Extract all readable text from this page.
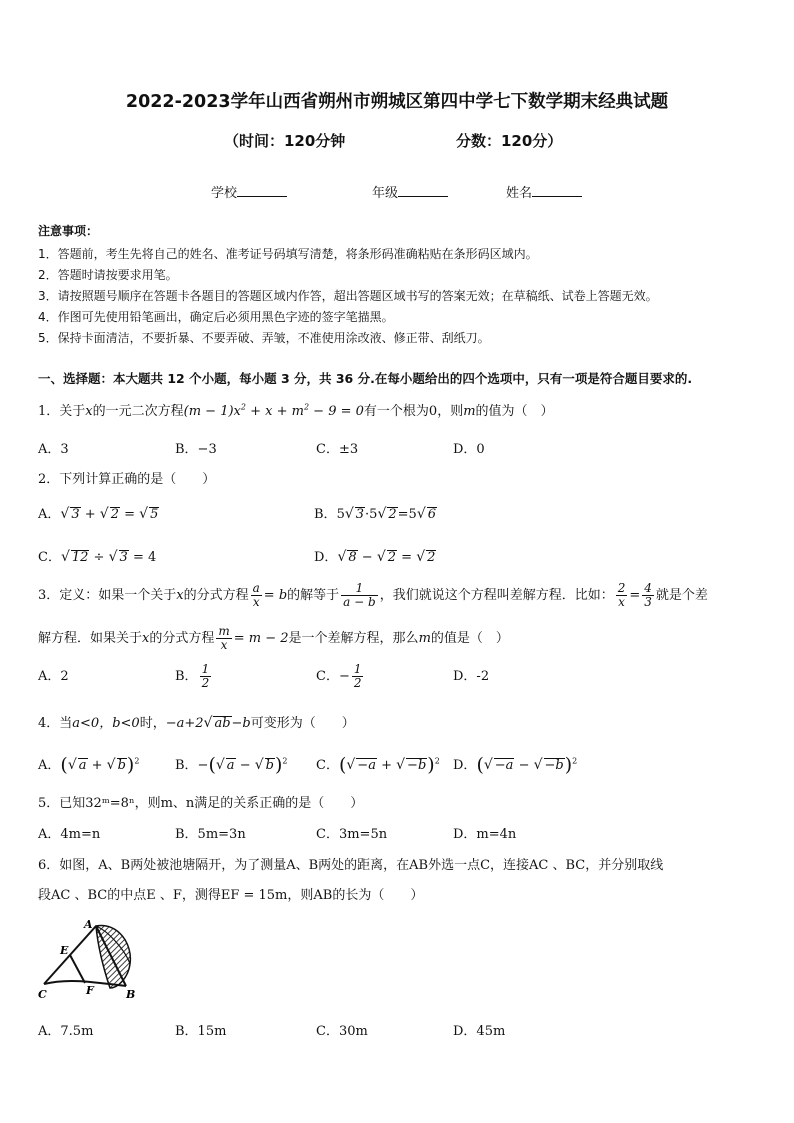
2022-2023学年山西省朔州市朔城区第四中学七下数学期末经典试题
（时间：120分钟	分数：120分）
学校	年级	姓名
注意事项：
1．答题前，考生先将自己的姓名、准考证号码填写清楚，将条形码准确粘贴在条形码区域内。
2．答题时请按要求用笔。
3．请按照题号顺序在答题卡各题目的答题区域内作答，超出答题区域书写的答案无效；在草稿纸、试卷上答题无效。
4．作图可先使用铅笔画出，确定后必须用黑色字迹的签字笔描黑。
5．保持卡面清洁，不要折暴、不要弄破、弄皱，不准使用涂改液、修正带、刮纸刀。
一、选择题：本大题共 12 个小题，每小题 3 分，共 36 分.在每小题给出的四个选项中，只有一项是符合题目要求的.
1．关于x的一元二次方程$(m - 1)x^2 + x + m^2 - 9 = 0$有一个根为0，则m的值为（　）
A．3	B．−3	C．±3	D．0
2．下列计算正确的是（　　）
A．√ 3 + √ 2 = √ 5	B．5√ 3·5√ 2=5√ 6
C．√ 12 ÷ √ 3 = 4	D．√ 8 − √ 2 = √ 2
3．定义：如果一个关于x的分式方程 $\frac{a}{x} = b$的解等于 $\frac{1}{a - b}$ ，我们就说这个方程叫差解方程．比如： $\frac{2}{x} = \frac{4}{3}$ 就是个差
解方程．如果关于x的分式方程 $\frac{m}{x} = m - 2$是一个差解方程，那么m的值是（　）
A．2	B． $\frac{1}{2}$	C．− $\frac{1}{2}$	D．-2
4．当a<0，b<0时，−a+2√ ab−b可变形为（　　）
A．(√ a + √ b)$^2$	B．−(√ a − √ b)$^2$ C．(√ −a + √ −b)$^2$ D．(√ −a − √ −b)$^2$
5．已知32ᵐ=8ⁿ，则m、n满足的关系正确的是（　　）
A．4m=n	B．5m=3n	C．3m=5n	D．m=4n
6．如图，A、B两处被池塘隔开，为了测量A、B两处的距离，在AB外选一点C，连接AC 、BC，并分别取线
段AC 、BC的中点E 、F，测得EF = 15m，则AB的长为（　　）
A
E
C	F	B
A．7.5m	B．15m	C．30m	D．45m
